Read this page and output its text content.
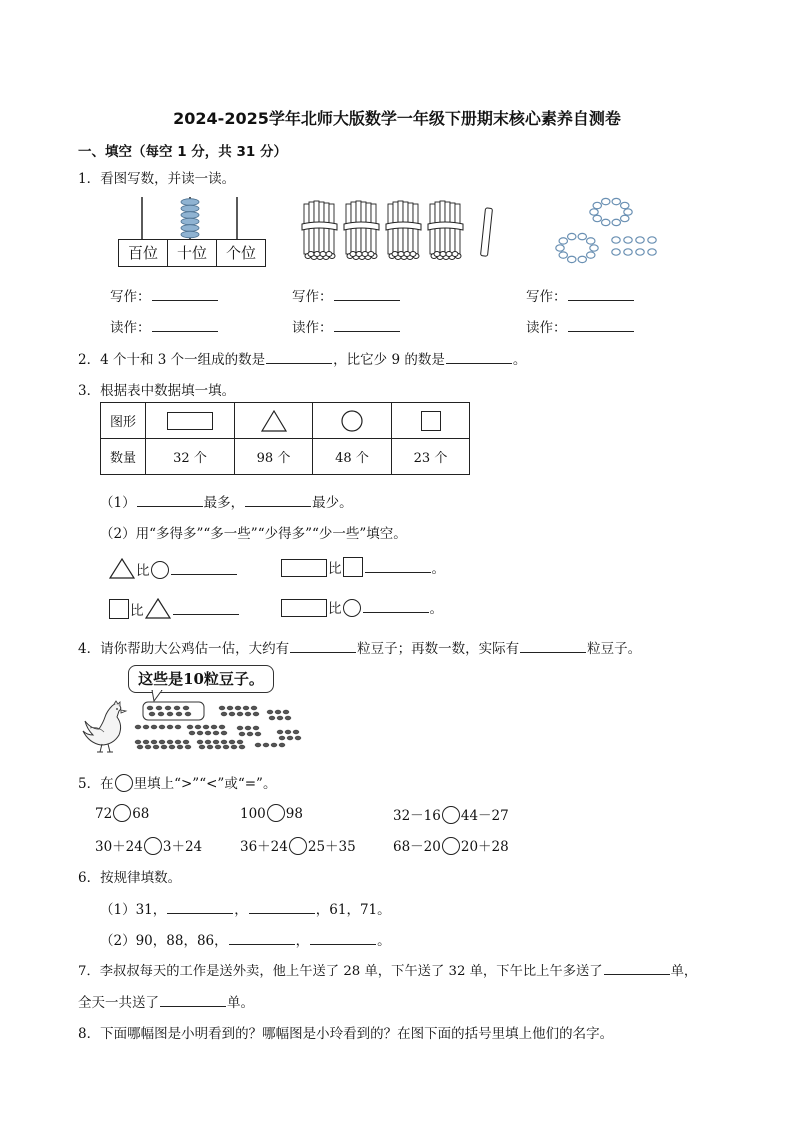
2024-2025学年北师大版数学一年级下册期末核心素养自测卷
一、填空（每空 1 分，共 31 分）
1．看图写数，并读一读。
百位	十位	个位
写作：	写作：	写作：
读作：	读作：	读作：
2．4 个十和 3 个一组成的数是	，比它少 9 的数是	。
3．根据表中数据填一填。
图形				
数量	32 个	98 个	48 个	23 个
（1）	最多，	最少。
（2）用“多得多”“多一些”“少得多”“少一些”填空。
比	比	。
比	比	。
4．请你帮助大公鸡估一估，大约有	粒豆子；再数一数，实际有	粒豆子。
这些是10粒豆子。
5．在 里填上“>”“<”或“=”。
72 68	100 98	32－16 44－27
30＋24 3＋24	36＋24 25＋35	68－20 20＋28
6．按规律填数。
（1）31，	，	，61，71。
（2）90，88，86，	，	。
7．李叔叔每天的工作是送外卖，他上午送了 28 单，下午送了 32 单，下午比上午多送了	单，
全天一共送了	单。
8．下面哪幅图是小明看到的？哪幅图是小玲看到的？在图下面的括号里填上他们的名字。
